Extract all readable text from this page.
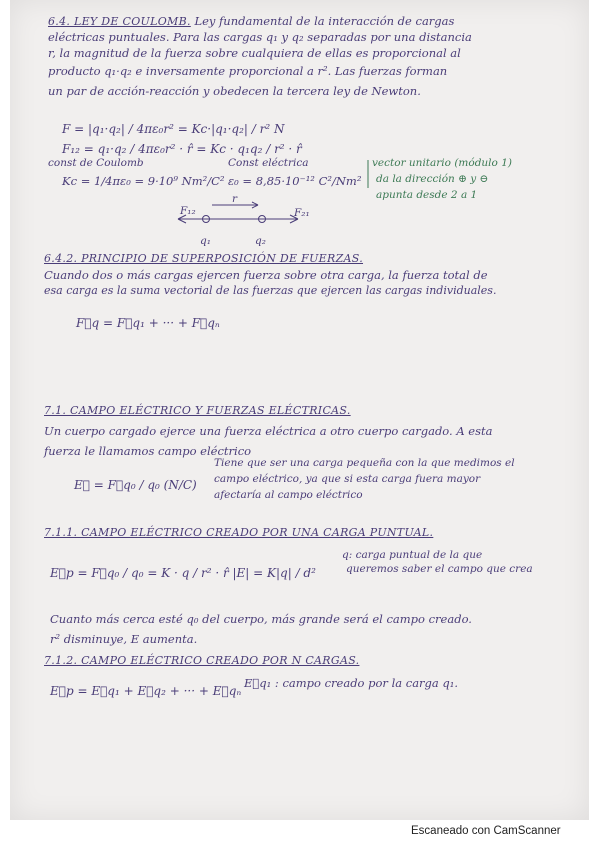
6.4. LEY DE COULOMB. Ley fundamental de la interacción de cargas

eléctricas puntuales. Para las cargas q₁ y q₂ separadas por una distancia

r, la magnitud de la fuerza sobre cualquiera de ellas es proporcional al

producto q₁·q₂ e inversamente proporcional a r². Las fuerzas forman

un par de acción-reacción y obedecen la tercera ley de Newton.

F = |q₁·q₂| / 4πε₀r² = Kc·|q₁·q₂| / r² N

F₁₂ = q₁·q₂ / 4πε₀r² · r̂ = Kc · q₁q₂ / r² · r̂

const de Coulomb

Kc = 1/4πε₀ = 9·10⁹ Nm²/C²

Const eléctrica

ε₀ = 8,85·10⁻¹² C²/Nm²

vector unitario (módulo 1)

da la dirección ⊕ y ⊖

apunta desde 2 a 1

F₁₂

r

F₂₁

q₁	q₂

6.4.2. PRINCIPIO DE SUPERPOSICIÓN DE FUERZAS.

Cuando dos o más cargas ejercen fuerza sobre otra carga, la fuerza total de

esa carga es la suma vectorial de las fuerzas que ejercen las cargas individuales.

F⃗q = F⃗q₁ + ··· + F⃗qₙ

7.1. CAMPO ELÉCTRICO Y FUERZAS ELÉCTRICAS.

Un cuerpo cargado ejerce una fuerza eléctrica a otro cuerpo cargado. A esta

fuerza le llamamos campo eléctrico

E⃗ = F⃗q₀ / q₀ (N/C)

Tiene que ser una carga pequeña con la que medimos el

campo eléctrico, ya que si esta carga fuera mayor

afectaría al campo eléctrico

7.1.1. CAMPO ELÉCTRICO CREADO POR UNA CARGA PUNTUAL.

E⃗p = F⃗q₀ / q₀ = K · q / r² · r̂ |E| = K|q| / d²

q: carga puntual de la que

queremos saber el campo que crea

Cuanto más cerca esté q₀ del cuerpo, más grande será el campo creado.

r² disminuye, E aumenta.

7.1.2. CAMPO ELÉCTRICO CREADO POR N CARGAS.

E⃗p = E⃗q₁ + E⃗q₂ + ··· + E⃗qₙ

E⃗q₁ : campo creado por la carga q₁.

Escaneado con CamScanner
